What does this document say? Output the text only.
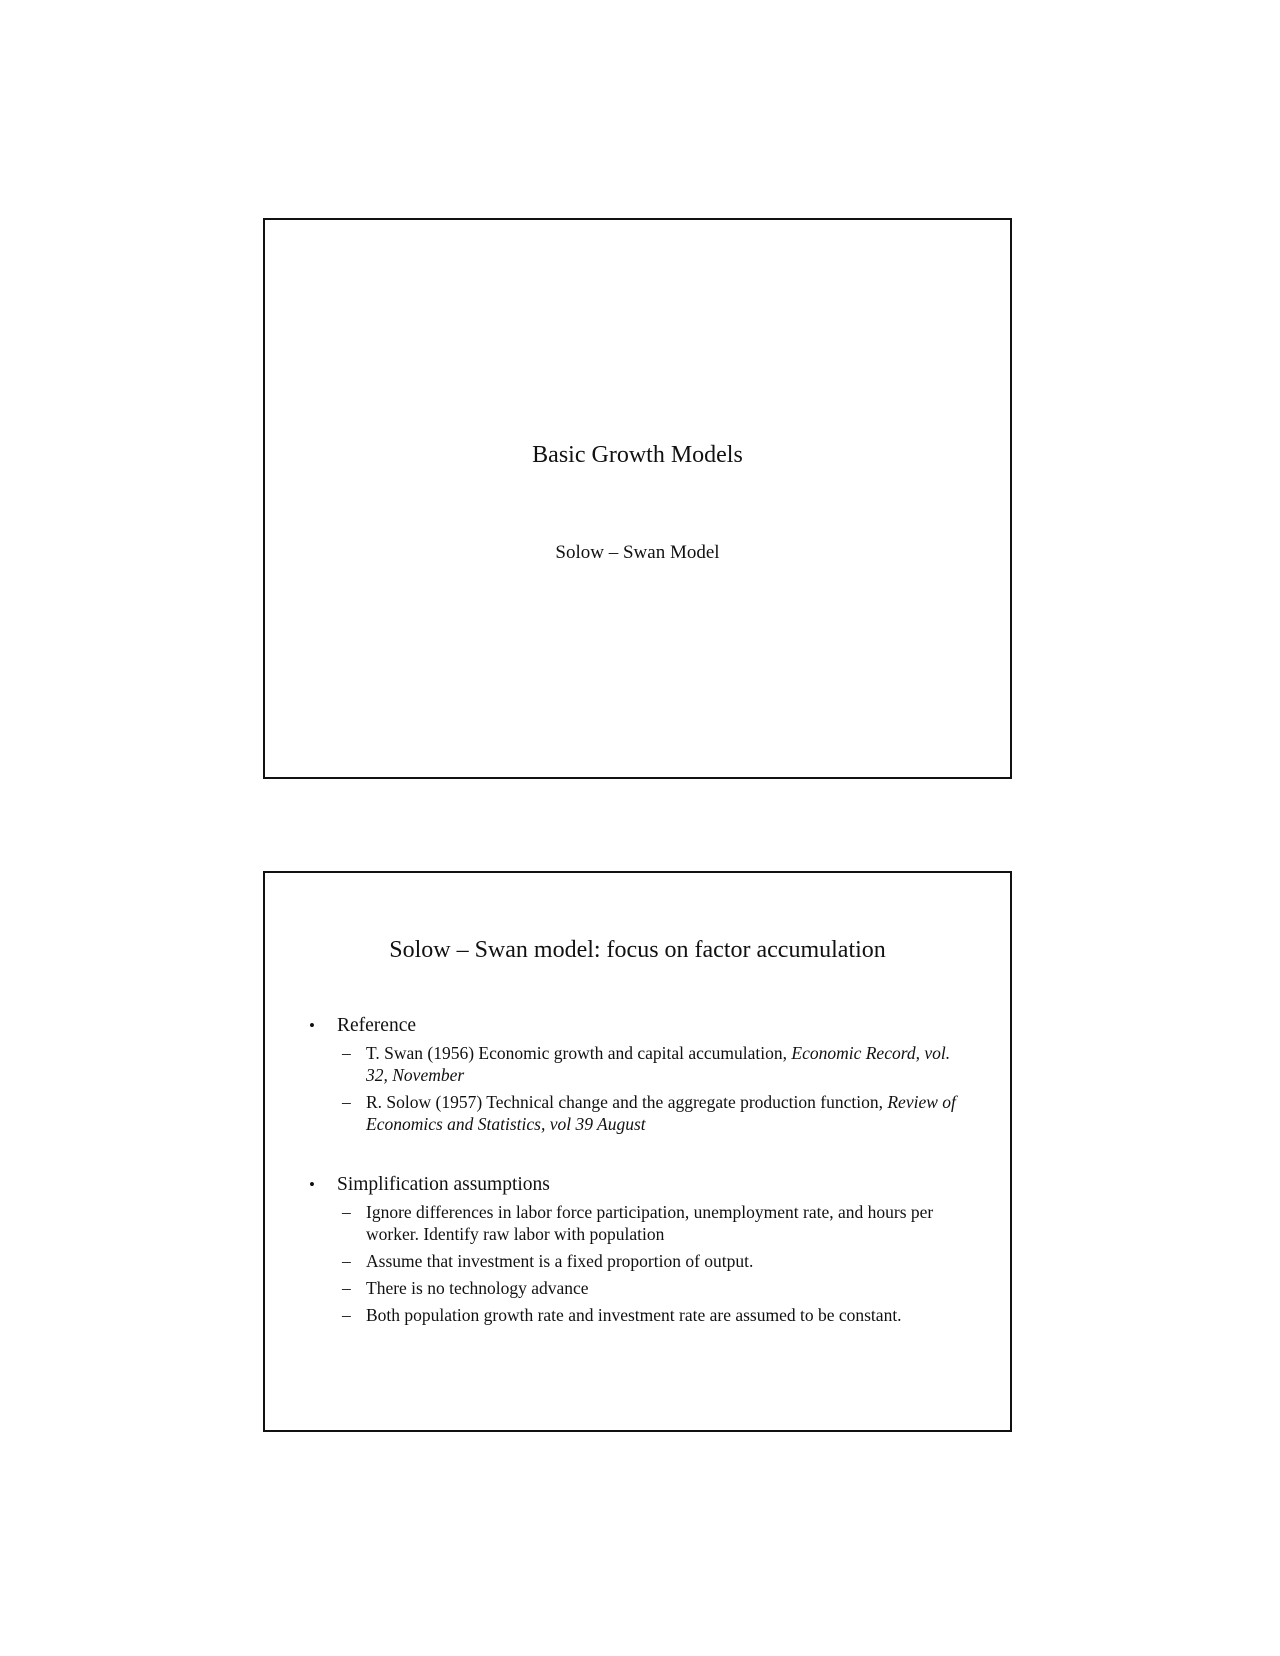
Basic Growth Models
Solow – Swan Model
Solow – Swan model: focus on factor accumulation
•	Reference
– T. Swan (1956) Economic growth and capital accumulation, Economic Record, vol. 32, November
– R. Solow (1957) Technical change and the aggregate production function, Review of Economics and Statistics, vol 39 August
•	Simplification assumptions
– Ignore differences in labor force participation, unemployment rate, and hours per worker. Identify raw labor with population
– Assume that investment is a fixed proportion of output.
– There is no technology advance
– Both population growth rate and investment rate are assumed to be constant.
